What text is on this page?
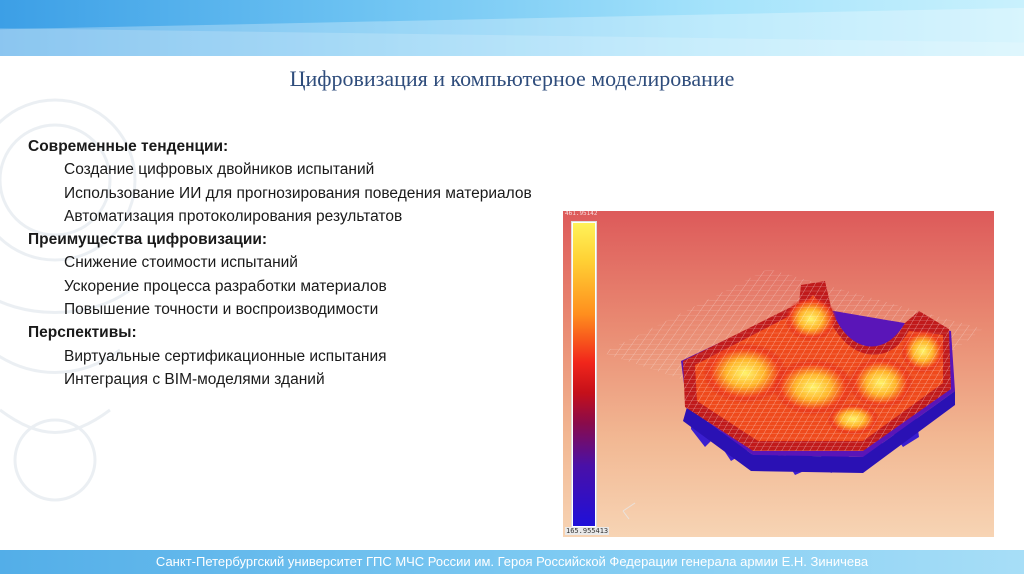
Цифровизация и компьютерное моделирование
Современные тенденции:
Создание цифровых двойников испытаний
Использование ИИ для прогнозирования поведения материалов
Автоматизация протоколирования результатов
Преимущества цифровизации:
Снижение стоимости испытаний
Ускорение процесса разработки материалов
Повышение точности и воспроизводимости
Перспективы:
Виртуальные сертификационные испытания
Интеграция с BIM-моделями зданий
461.95142
165.955413
Санкт-Петербургский университет ГПС МЧС России им. Героя Российской Федерации генерала армии Е.Н. Зиничева
